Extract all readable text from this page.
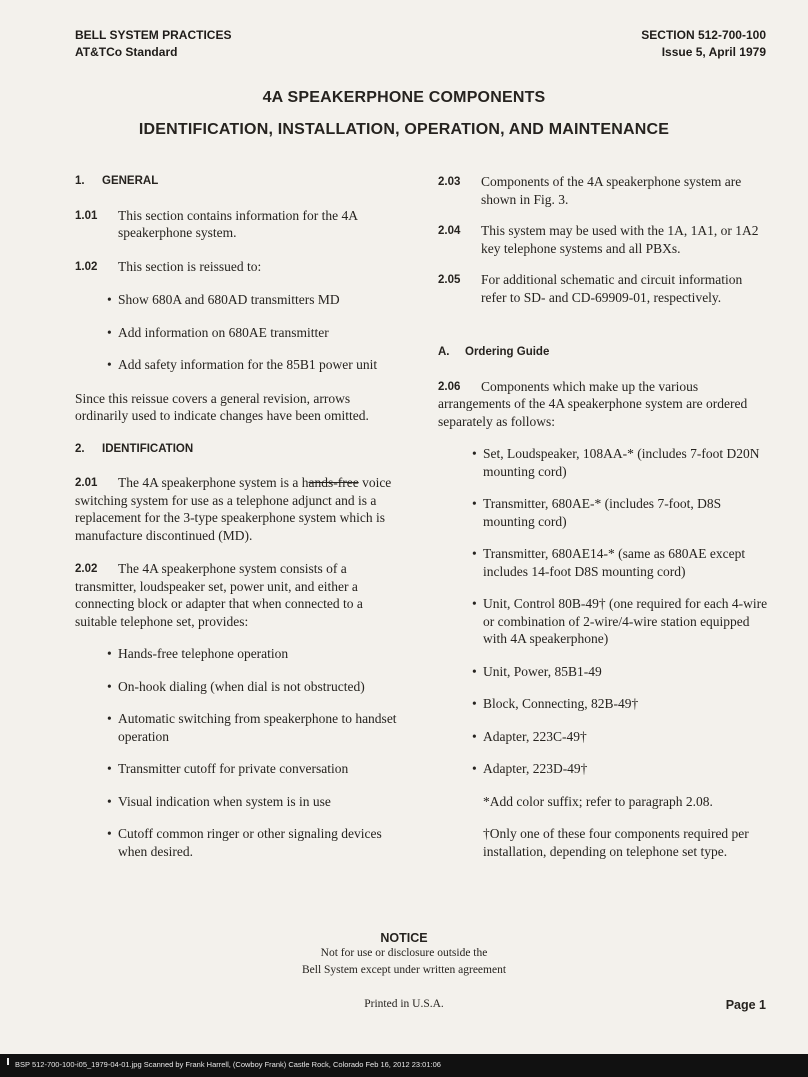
BELL SYSTEM PRACTICES
AT&TCo Standard
SECTION 512-700-100
Issue 5, April 1979
4A SPEAKERPHONE COMPONENTS
IDENTIFICATION, INSTALLATION, OPERATION, AND MAINTENANCE
1. GENERAL
1.01 This section contains information for the 4A speakerphone system.
1.02 This section is reissued to:
• Show 680A and 680AD transmitters MD
• Add information on 680AE transmitter
• Add safety information for the 85B1 power unit
Since this reissue covers a general revision, arrows ordinarily used to indicate changes have been omitted.
2. IDENTIFICATION
2.01 The 4A speakerphone system is a hands-free voice switching system for use as a telephone adjunct and is a replacement for the 3-type speakerphone system which is manufacture discontinued (MD).
2.02 The 4A speakerphone system consists of a transmitter, loudspeaker set, power unit, and either a connecting block or adapter that when connected to a suitable telephone set, provides:
• Hands-free telephone operation
• On-hook dialing (when dial is not obstructed)
• Automatic switching from speakerphone to handset operation
• Transmitter cutoff for private conversation
• Visual indication when system is in use
• Cutoff common ringer or other signaling devices when desired.
2.03 Components of the 4A speakerphone system are shown in Fig. 3.
2.04 This system may be used with the 1A, 1A1, or 1A2 key telephone systems and all PBXs.
2.05 For additional schematic and circuit information refer to SD- and CD-69909-01, respectively.
A. Ordering Guide
2.06 Components which make up the various arrangements of the 4A speakerphone system are ordered separately as follows:
• Set, Loudspeaker, 108AA-* (includes 7-foot D20N mounting cord)
• Transmitter, 680AE-* (includes 7-foot, D8S mounting cord)
• Transmitter, 680AE14-* (same as 680AE except includes 14-foot D8S mounting cord)
• Unit, Control 80B-49† (one required for each 4-wire or combination of 2-wire/4-wire station equipped with 4A speakerphone)
• Unit, Power, 85B1-49
• Block, Connecting, 82B-49†
• Adapter, 223C-49†
• Adapter, 223D-49†
*Add color suffix; refer to paragraph 2.08.
†Only one of these four components required per installation, depending on telephone set type.
NOTICE
Not for use or disclosure outside the
Bell System except under written agreement
Printed in U.S.A.	Page 1
BSP 512-700-100-i05_1979-04-01.jpg Scanned by Frank Harrell, (Cowboy Frank) Castle Rock, Colorado Feb 16, 2012 23:01:06
